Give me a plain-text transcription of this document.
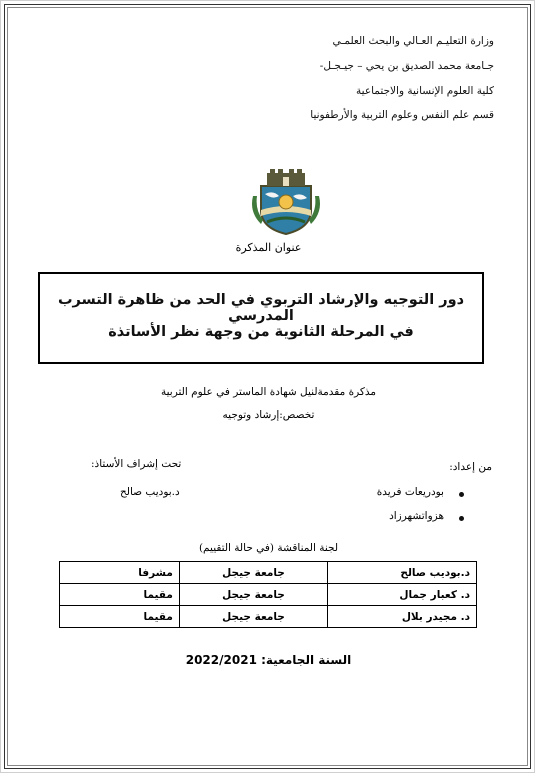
وزارة التعليـم العـالي والبحث العلمـي
جـامعة محمد الصديق بن يحي – جيـجـل-
كلية العلوم الإنسانية والاجتماعية
قسم علم النفس وعلوم التربية والأرطفونيا
عنوان المذكرة
دور التوجيه والإرشاد التربوي في الحد من ظاهرة التسرب المدرسي
في المرحلة الثانوية من وجهة نظر الأساتذة
مذكرة مقدمةلنيل شهادة الماستر في علوم التربية
تخصص:إرشاد وتوجيه
من إعداد:
تحت إشراف الأستاذ:
بودريعات فريدة
د.بوديب صالح
هزواتشهرزاد
لجنة المناقشة (في حالة التقييم)
د.بوديب صالح	جامعة جيجل	مشرفا
د. كعبار جمال	جامعة جيجل	مقيما
د. مجيدر بلال	جامعة جيجل	مقيما
السنة الجامعية: 2022/2021
